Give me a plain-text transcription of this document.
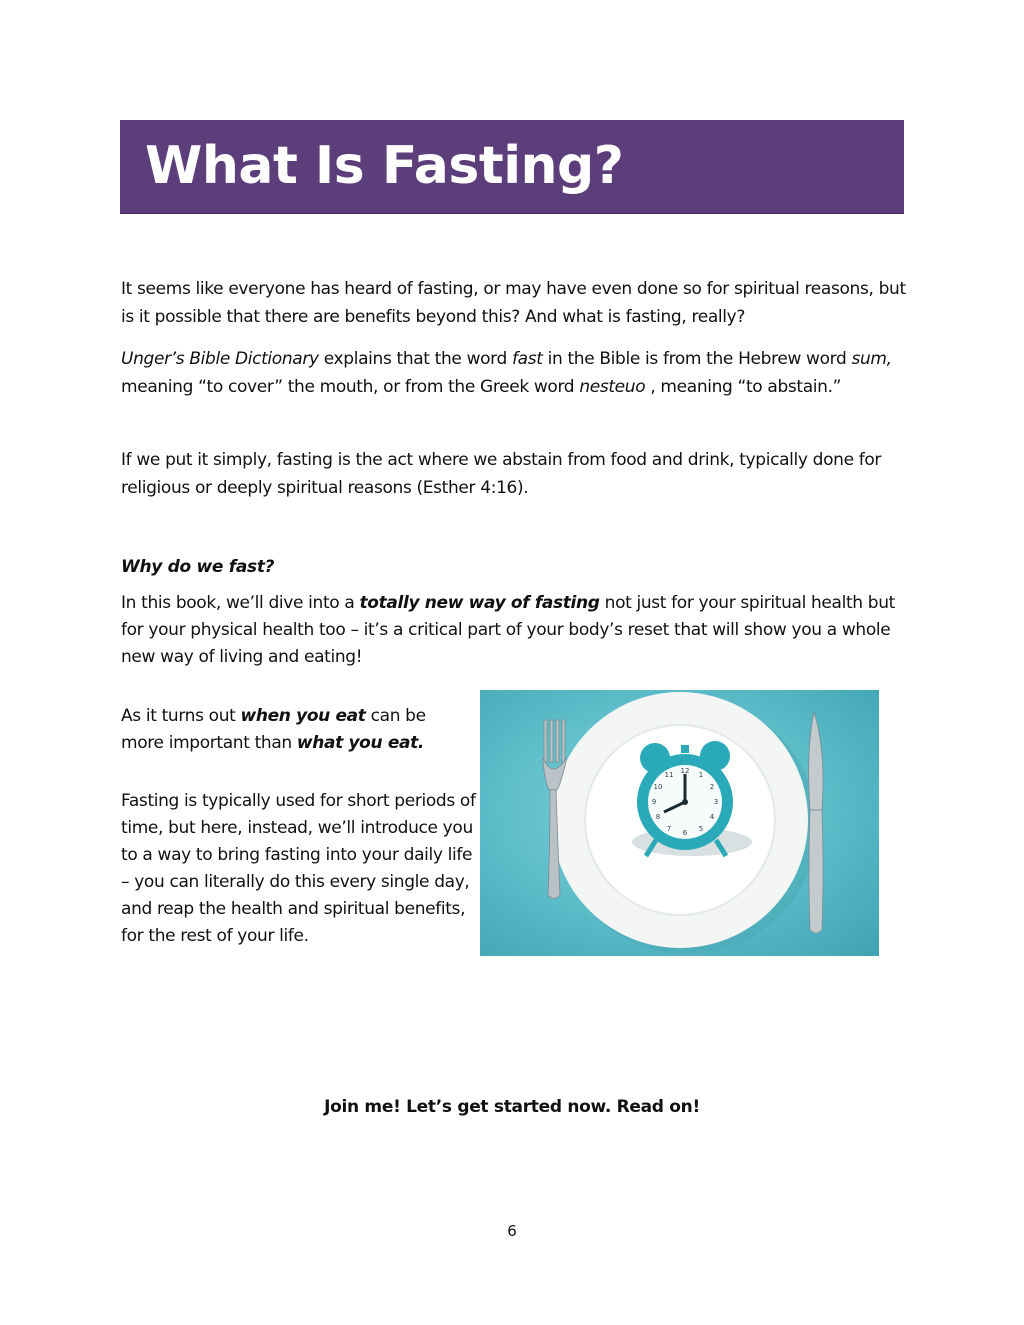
What Is Fasting?

It seems like everyone has heard of fasting, or may have even done so for spiritual reasons, but is it possible that there are benefits beyond this? And what is fasting, really?

Unger’s Bible Dictionary explains that the word fast in the Bible is from the Hebrew word sum, meaning “to cover” the mouth, or from the Greek word nesteuo , meaning “to abstain.”

If we put it simply, fasting is the act where we abstain from food and drink, typically done for religious or deeply spiritual reasons (Esther 4:16).

Why do we fast?

In this book, we’ll dive into a totally new way of fasting not just for your spiritual health but for your physical health too – it’s a critical part of your body’s reset that will show you a whole new way of living and eating!

As it turns out when you eat can be more important than what you eat.

Fasting is typically used for short periods of time, but here, instead, we’ll introduce you to a way to bring fasting into your daily life – you can literally do this every single day, and reap the health and spiritual benefits, for the rest of your life.

12 1
2
3
4
5
6
7
8
9
10
11
Join me! Let’s get started now. Read on!
6
